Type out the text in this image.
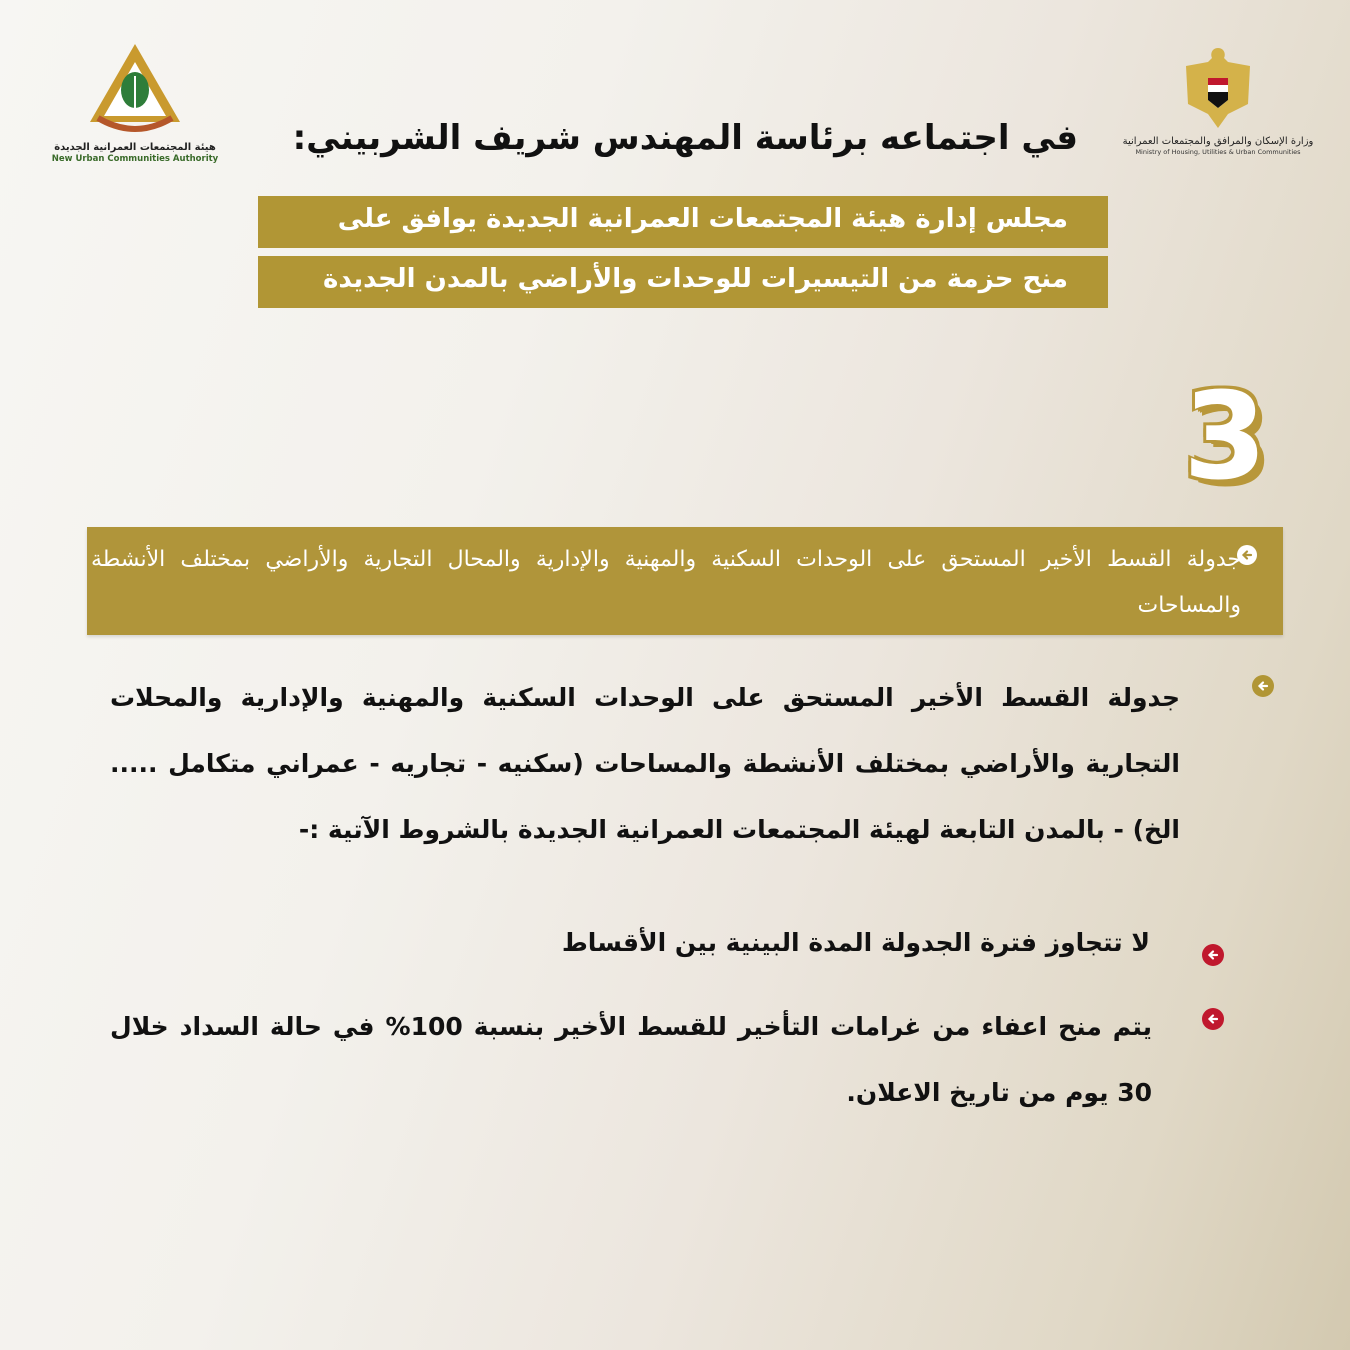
هيئة المجتمعات العمرانية الجديدة
New Urban Communities Authority
وزارة الإسكان والمرافق والمجتمعات العمرانية
Ministry of Housing, Utilities & Urban Communities
في اجتماعه برئاسة المهندس شريف الشربيني:
مجلس إدارة هيئة المجتمعات العمرانية الجديدة يوافق على
منح حزمة من التيسيرات للوحدات والأراضي بالمدن الجديدة
3
جدولة القسط الأخير المستحق على الوحدات السكنية والمهنية والإدارية والمحال التجارية والأراضي بمختلف الأنشطة والمساحات
جدولة القسط الأخير المستحق على الوحدات السكنية والمهنية والإدارية والمحلات التجارية والأراضي بمختلف الأنشطة والمساحات (سكنيه - تجاريه - عمراني متكامل ..... الخ) - بالمدن التابعة لهيئة المجتمعات العمرانية الجديدة بالشروط الآتية :-
لا تتجاوز فترة الجدولة المدة البينية بين الأقساط
يتم منح اعفاء من غرامات التأخير للقسط الأخير بنسبة 100% في حالة السداد خلال 30 يوم من تاريخ الاعلان.
